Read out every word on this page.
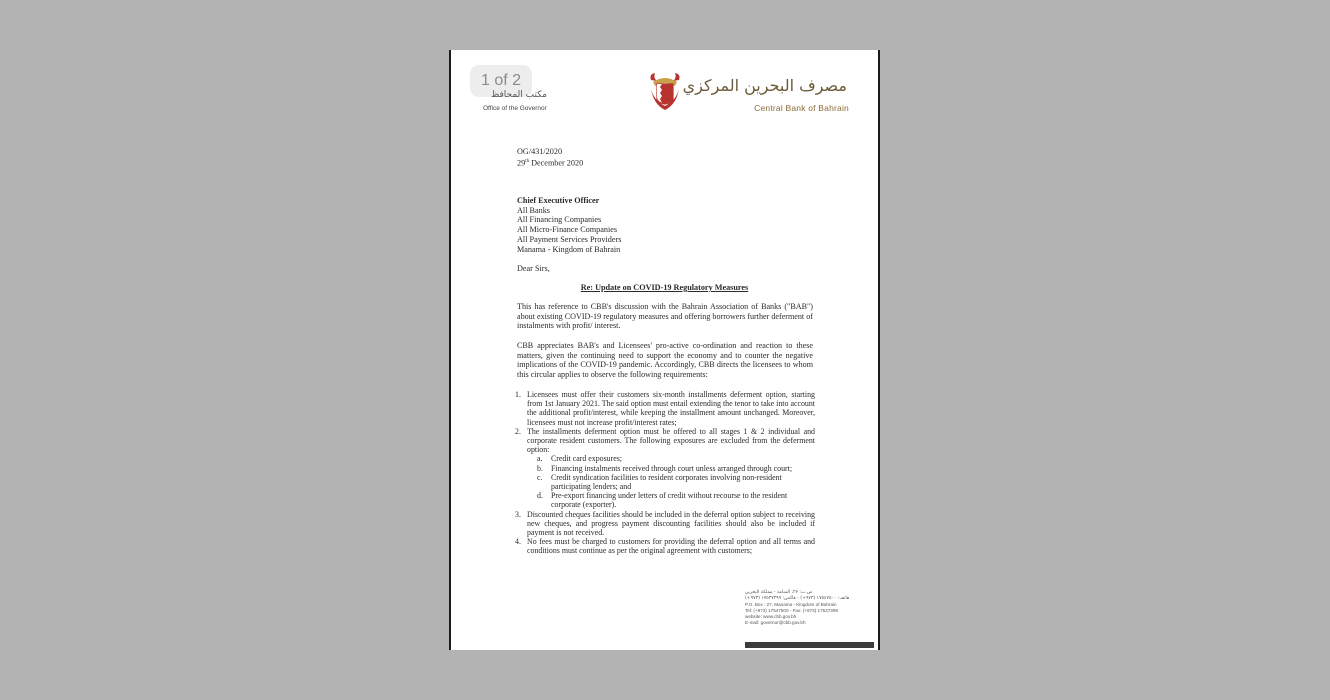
1 of 2
مكتب المحافظ
Office of the Governor
مصرف البحرين المركزي
Central Bank of Bahrain
OG/431/2020
29th December 2020
Chief Executive Officer
All Banks
All Financing Companies
All Micro-Finance Companies
All Payment Services Providers
Manama - Kingdom of Bahrain
Dear Sirs,
Re: Update on COVID-19 Regulatory Measures
This has reference to CBB's discussion with the Bahrain Association of Banks ("BAB") about existing COVID-19 regulatory measures and offering borrowers further deferment of instalments with profit/ interest.
CBB appreciates BAB's and Licensees' pro-active co-ordination and reaction to these matters, given the continuing need to support the economy and to counter the negative implications of the COVID-19 pandemic. Accordingly, CBB directs the licensees to whom this circular applies to observe the following requirements:
1. Licensees must offer their customers six-month installments deferment option, starting from 1st January 2021. The said option must entail extending the tenor to take into account the additional profit/interest, while keeping the installment amount unchanged. Moreover, licensees must not increase profit/interest rates;
2. The installments deferment option must be offered to all stages 1 & 2 individual and corporate resident customers. The following exposures are excluded from the deferment option:
a.	Credit card exposures;
b.	Financing instalments received through court unless arranged through court;
c.	Credit syndication facilities to resident corporates involving non-resident participating lenders; and
d.	Pre-export financing under letters of credit without recourse to the resident corporate (exporter).
3. Discounted cheques facilities should be included in the deferral option subject to receiving new cheques, and progress payment discounting facilities should also be included if payment is not received.
4. No fees must be charged to customers for providing the deferral option and all terms and conditions must continue as per the original agreement with customers;
ص.ب: ٢٧، المنامة - مملكة البحرين
هاتف: ١٧٥٤٧٥٠٠ (٩٧٣+) - فاكس: ١٧٥٣٧٣٩٩ (٩٧٣+)
P.O. Box : 27, Manama - Kingdom of Bahrain
Tel: (+973) 17547500 - Fax: (+973) 17537399
website: www.cbb.gov.bh
E-mail: governor@cbb.gov.bh
